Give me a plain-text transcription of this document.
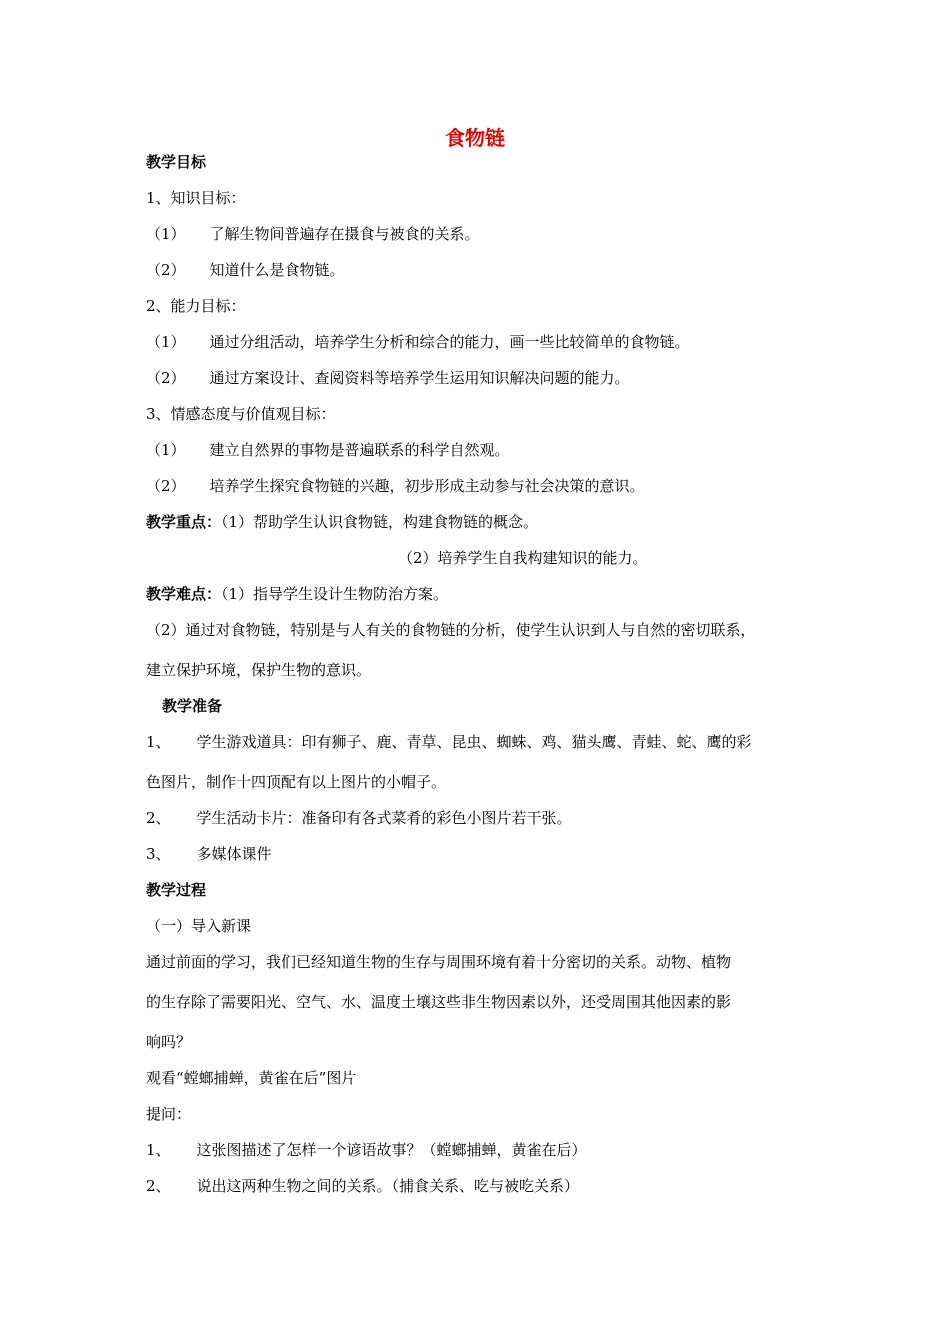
食物链
教学目标
1、知识目标：
（1） 了解生物间普遍存在摄食与被食的关系。
（2） 知道什么是食物链。
2、能力目标：
（1） 通过分组活动，培养学生分析和综合的能力，画一些比较简单的食物链。
（2） 通过方案设计、查阅资料等培养学生运用知识解决问题的能力。
3、情感态度与价值观目标：
（1） 建立自然界的事物是普遍联系的科学自然观。
（2） 培养学生探究食物链的兴趣，初步形成主动参与社会决策的意识。
教学重点：（1）帮助学生认识食物链，构建食物链的概念。
（2）培养学生自我构建知识的能力。
教学难点：（1）指导学生设计生物防治方案。
（2）通过对食物链，特别是与人有关的食物链的分析，使学生认识到人与自然的密切联系，
建立保护环境，保护生物的意识。
教学准备
1、 学生游戏道具：印有狮子、鹿、青草、昆虫、蜘蛛、鸡、猫头鹰、青蛙、蛇、鹰的彩
色图片，制作十四顶配有以上图片的小帽子。
2、 学生活动卡片：准备印有各式菜肴的彩色小图片若干张。
3、 多媒体课件
教学过程
（一）导入新课
通过前面的学习，我们已经知道生物的生存与周围环境有着十分密切的关系。动物、植物
的生存除了需要阳光、空气、水、温度土壤这些非生物因素以外，还受周围其他因素的影
响吗？
观看“螳螂捕蝉，黄雀在后”图片
提问：
1、 这张图描述了怎样一个谚语故事？（螳螂捕蝉，黄雀在后）
2、 说出这两种生物之间的关系。（捕食关系、吃与被吃关系）
